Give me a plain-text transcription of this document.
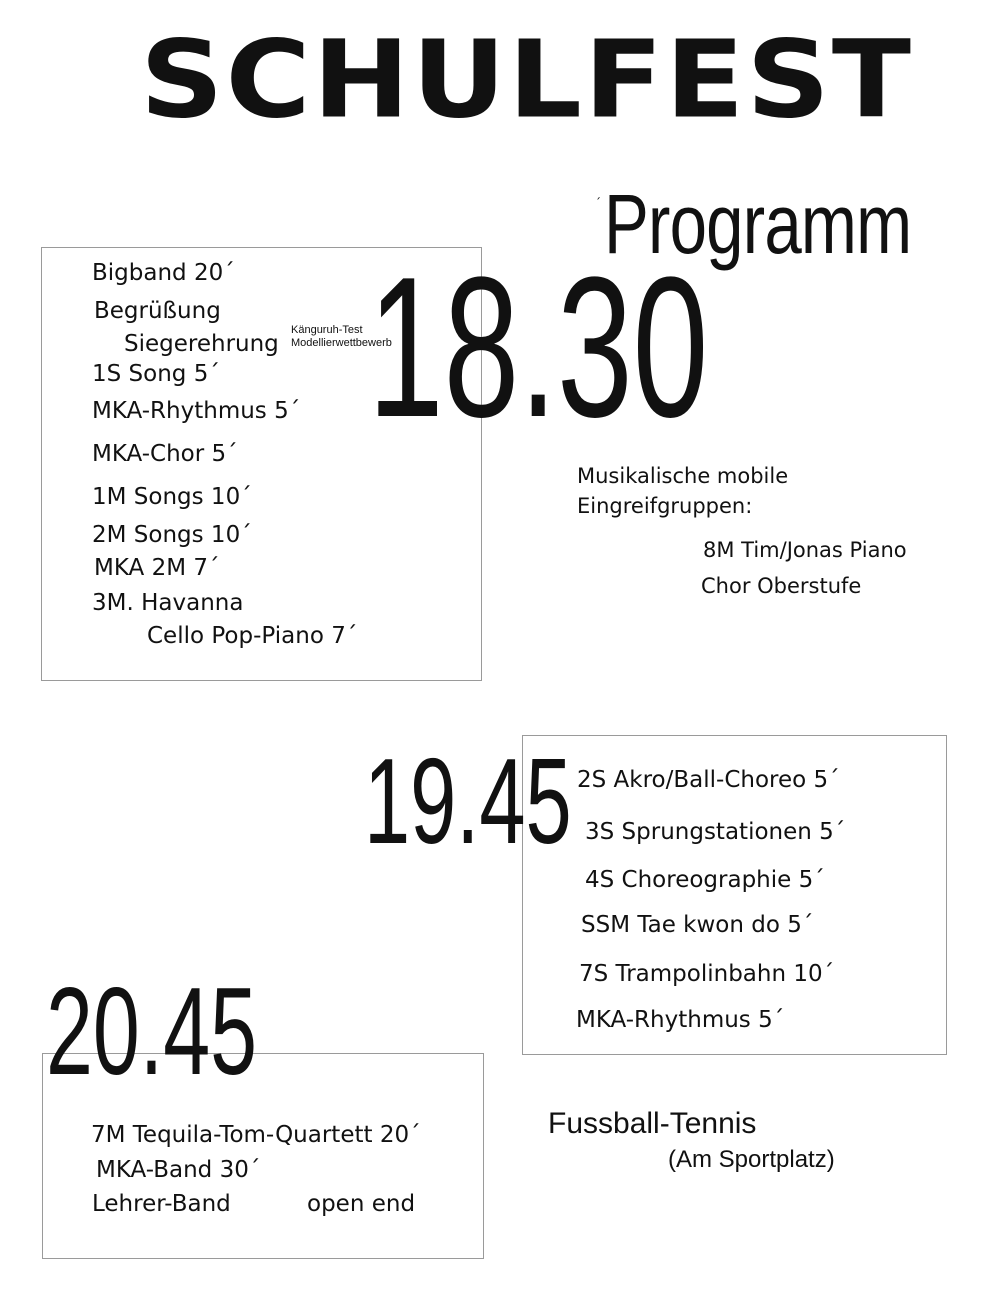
SCHULFEST
´ Programm
18.30
Bigband 20´
Begrüßung
Siegerehrung
Känguruh-Test
Modellierwettbewerb
1S Song 5´
MKA-Rhythmus 5´
MKA-Chor 5´
1M Songs 10´
2M Songs 10´
MKA 2M 7´
3M. Havanna
Cello Pop-Piano 7´
Musikalische mobile
Eingreifgruppen:
8M Tim/Jonas Piano
Chor Oberstufe
19.45 2S Akro/Ball-Choreo 5´
3S Sprungstationen 5´
4S Choreographie 5´
SSM Tae kwon do 5´
7S Trampolinbahn 10´
MKA-Rhythmus 5´
20.45
7M Tequila-Tom-Quartett 20´
MKA-Band 30´
Lehrer-Band	open end
Fussball-Tennis
(Am Sportplatz)
